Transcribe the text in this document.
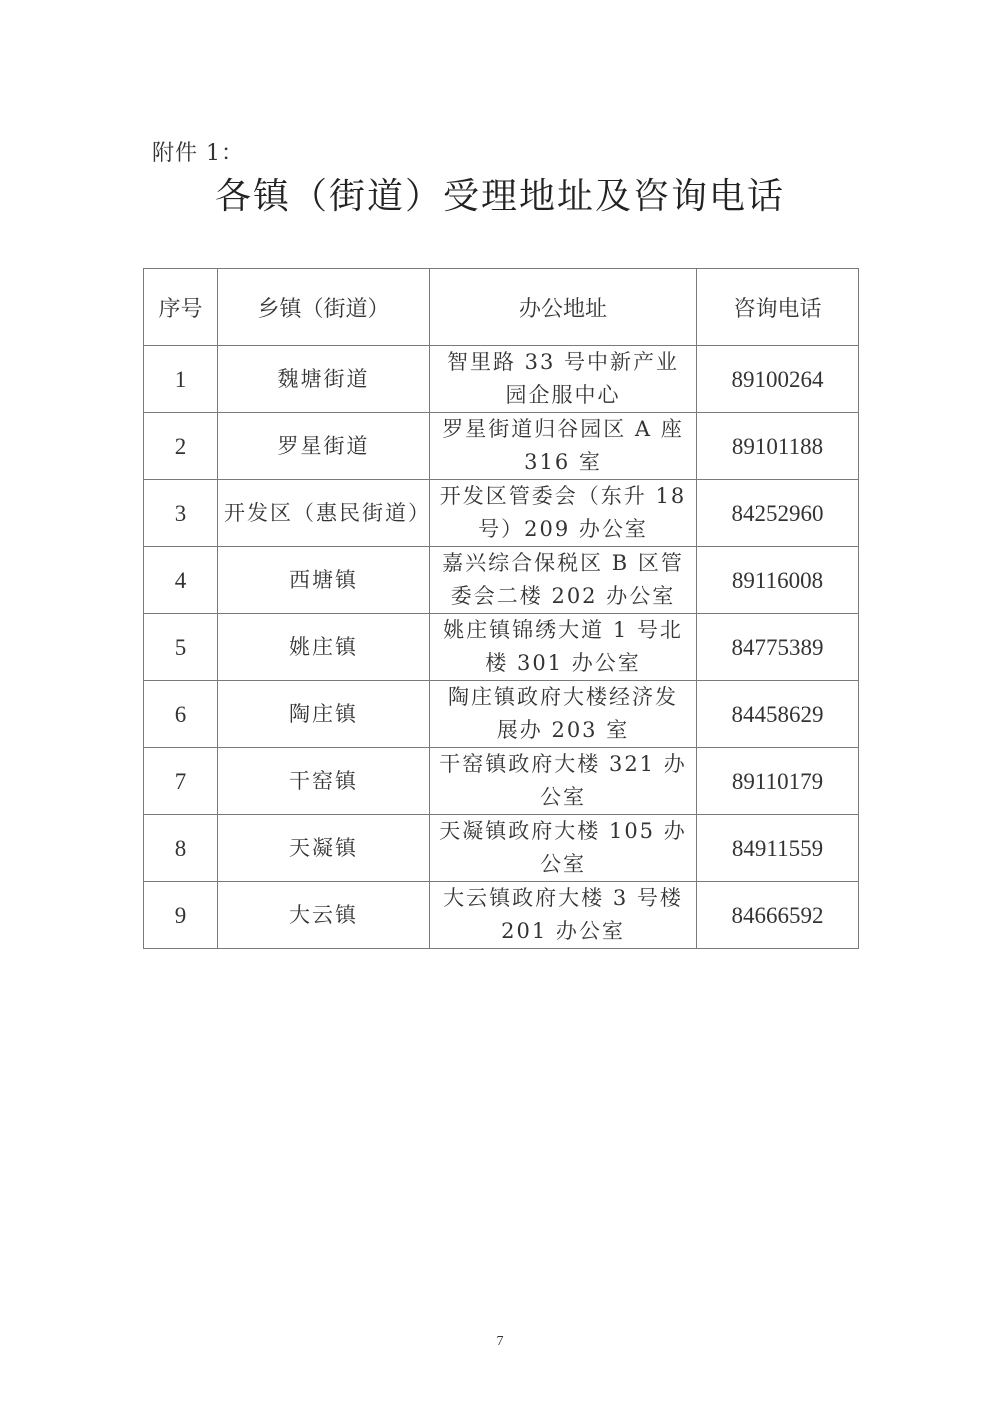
附件 1：
各镇（街道）受理地址及咨询电话
序号	乡镇（街道）	办公地址	咨询电话
1	魏塘街道	智里路 33 号中新产业园企服中心	89100264
2	罗星街道	罗星街道归谷园区 A 座 316 室	89101188
3	开发区（惠民街道）	开发区管委会（东升 18 号）209 办公室	84252960
4	西塘镇	嘉兴综合保税区 B 区管委会二楼 202 办公室	89116008
5	姚庄镇	姚庄镇锦绣大道 1 号北楼 301 办公室	84775389
6	陶庄镇	陶庄镇政府大楼经济发展办 203 室	84458629
7	干窑镇	干窑镇政府大楼 321 办公室	89110179
8	天凝镇	天凝镇政府大楼 105 办公室	84911559
9	大云镇	大云镇政府大楼 3 号楼 201 办公室	84666592
7
